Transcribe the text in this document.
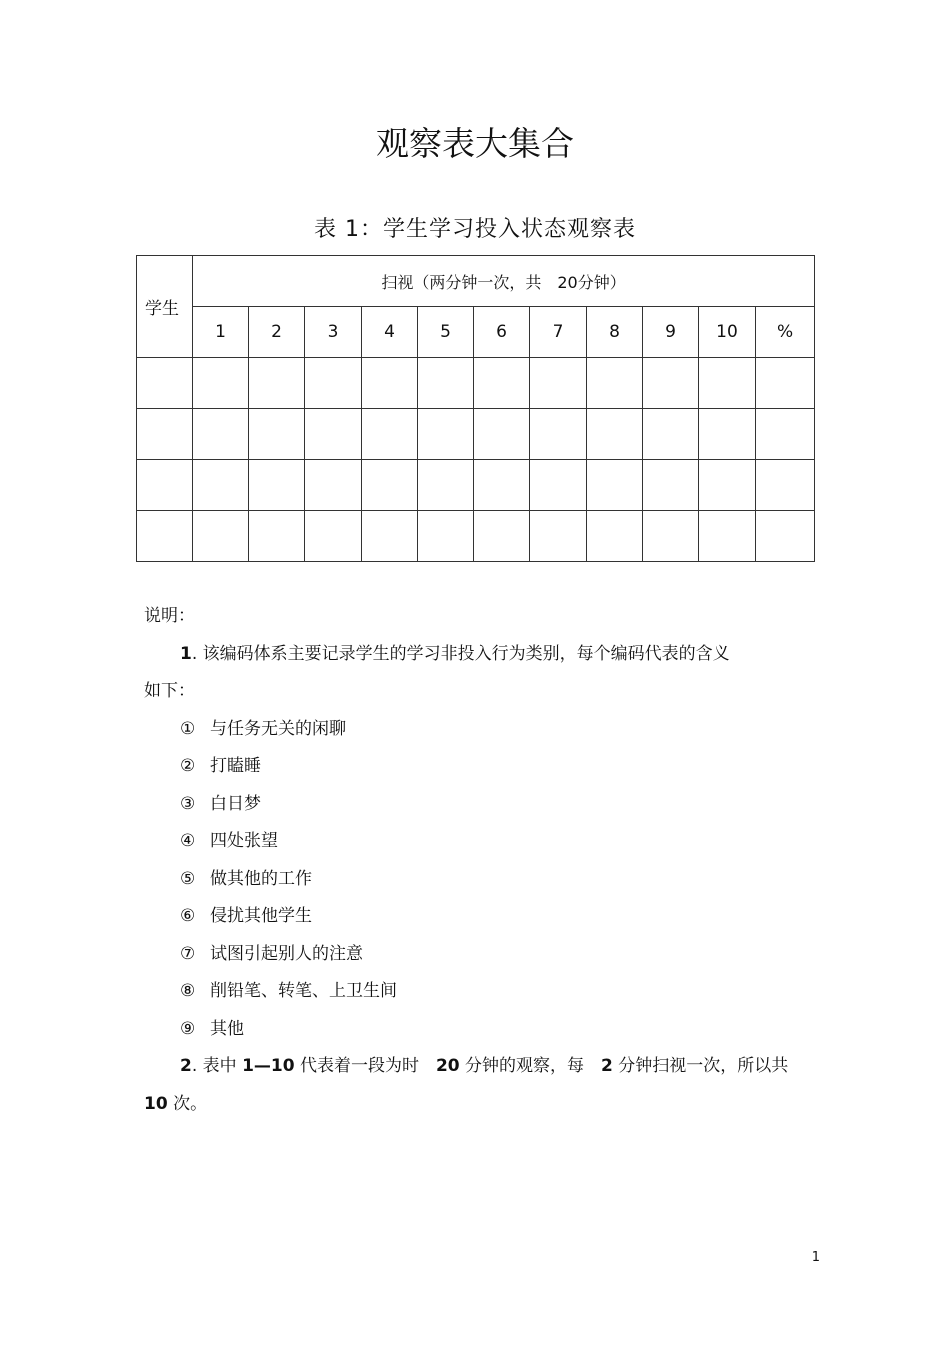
观察表大集合
表 1：学生学习投入状态观察表
学生	扫视（两分钟一次，共　20分钟）										
	1	2	3	4	5	6	7	8	9	10	%

说明：
1. 该编码体系主要记录学生的学习非投入行为类别，每个编码代表的含义
如下：
① 与任务无关的闲聊
② 打瞌睡
③ 白日梦
④ 四处张望
⑤ 做其他的工作
⑥ 侵扰其他学生
⑦ 试图引起别人的注意
⑧ 削铅笔、转笔、上卫生间
⑨ 其他
2. 表中 1—10 代表着一段为时　20 分钟的观察，每　2 分钟扫视一次，所以共
10 次。
1
